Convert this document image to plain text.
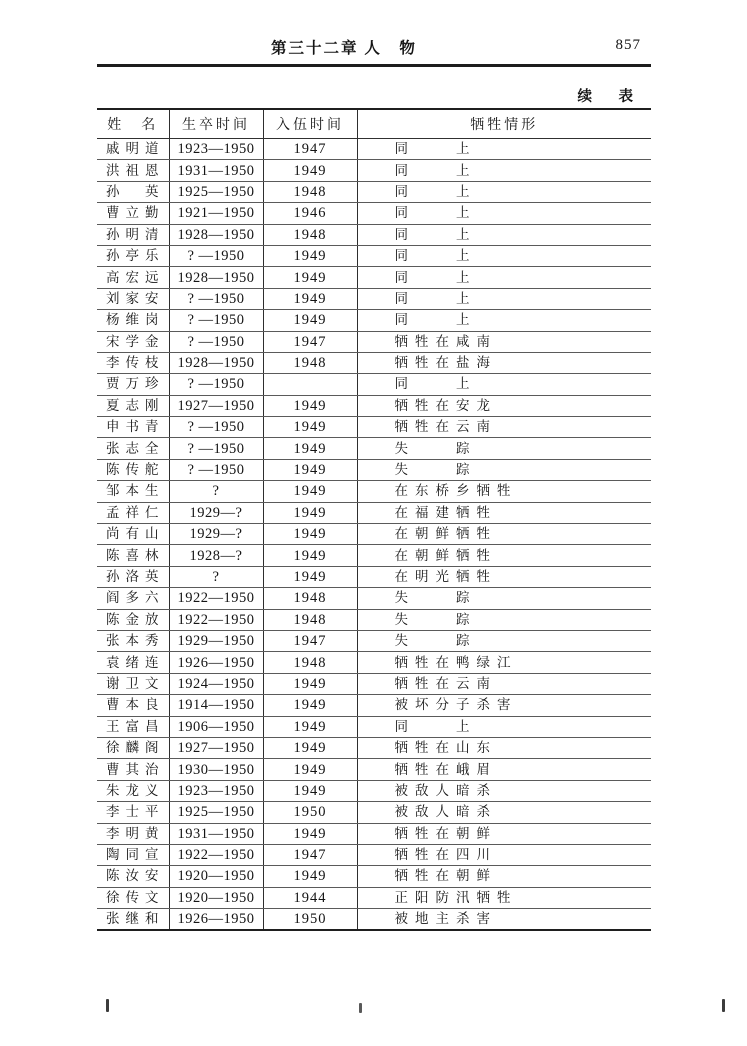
第三十二章 人　物	857
续　表
姓　名	生卒时间	入伍时间	牺牲情形
戚明道	1923—1950	1947	同　　上
洪祖恩	1931—1950	1949	同　　上
孙　英	1925—1950	1948	同　　上
曹立勤	1921—1950	1946	同　　上
孙明清	1928—1950	1948	同　　上
孙亭乐	? —1950	1949	同　　上
高宏远	1928—1950	1949	同　　上
刘家安	? —1950	1949	同　　上
杨维岗	? —1950	1949	同　　上
宋学金	? —1950	1947	牺牲在咸南
李传枝	1928—1950	1948	牺牲在盐海
贾万珍	? —1950		同　　上
夏志刚	1927—1950	1949	牺牲在安龙
申书青	? —1950	1949	牺牲在云南
张志全	? —1950	1949	失　　踪
陈传舵	? —1950	1949	失　　踪
邹本生	?	1949	在东桥乡牺牲
孟祥仁	1929—?	1949	在福建牺牲
尚有山	1929—?	1949	在朝鲜牺牲
陈喜林	1928—?	1949	在朝鲜牺牲
孙洛英	?	1949	在明光牺牲
阎多六	1922—1950	1948	失　　踪
陈金放	1922—1950	1948	失　　踪
张本秀	1929—1950	1947	失　　踪
袁绪连	1926—1950	1948	牺牲在鸭绿江
谢卫文	1924—1950	1949	牺牲在云南
曹本良	1914—1950	1949	被坏分子杀害
王富昌	1906—1950	1949	同　　上
徐麟阁	1927—1950	1949	牺牲在山东
曹其治	1930—1950	1949	牺牲在峨眉
朱龙义	1923—1950	1949	被敌人暗杀
李士平	1925—1950	1950	被敌人暗杀
李明黄	1931—1950	1949	牺牲在朝鲜
陶同宣	1922—1950	1947	牺牲在四川
陈汝安	1920—1950	1949	牺牲在朝鲜
徐传文	1920—1950	1944	正阳防汛牺牲
张继和	1926—1950	1950	被地主杀害
